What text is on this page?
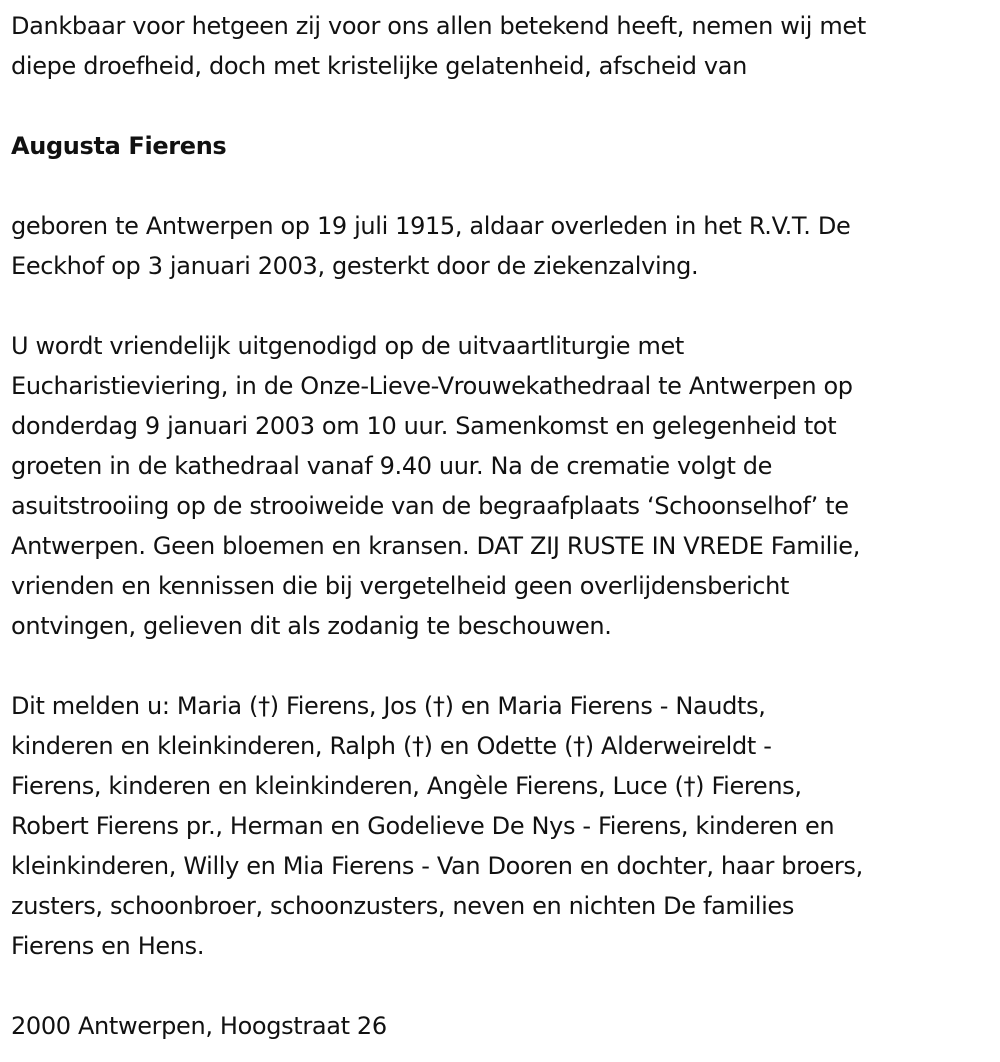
Dankbaar voor hetgeen zij voor ons allen betekend heeft, nemen wij met
diepe droefheid, doch met kristelijke gelatenheid, afscheid van
Augusta Fierens
geboren te Antwerpen op 19 juli 1915, aldaar overleden in het R.V.T. De
Eeckhof op 3 januari 2003, gesterkt door de ziekenzalving.
U wordt vriendelijk uitgenodigd op de uitvaartliturgie met
Eucharistieviering, in de Onze-Lieve-Vrouwekathedraal te Antwerpen op
donderdag 9 januari 2003 om 10 uur. Samenkomst en gelegenheid tot
groeten in de kathedraal vanaf 9.40 uur. Na de crematie volgt de
asuitstrooiing op de strooiweide van de begraafplaats ‘Schoonselhof’ te
Antwerpen. Geen bloemen en kransen. DAT ZIJ RUSTE IN VREDE Familie,
vrienden en kennissen die bij vergetelheid geen overlijdensbericht
ontvingen, gelieven dit als zodanig te beschouwen.
Dit melden u: Maria (†) Fierens, Jos (†) en Maria Fierens - Naudts,
kinderen en kleinkinderen, Ralph (†) en Odette (†) Alderweireldt -
Fierens, kinderen en kleinkinderen, Angèle Fierens, Luce (†) Fierens,
Robert Fierens pr., Herman en Godelieve De Nys - Fierens, kinderen en
kleinkinderen, Willy en Mia Fierens - Van Dooren en dochter, haar broers,
zusters, schoonbroer, schoonzusters, neven en nichten De families
Fierens en Hens.
2000 Antwerpen, Hoogstraat 26
